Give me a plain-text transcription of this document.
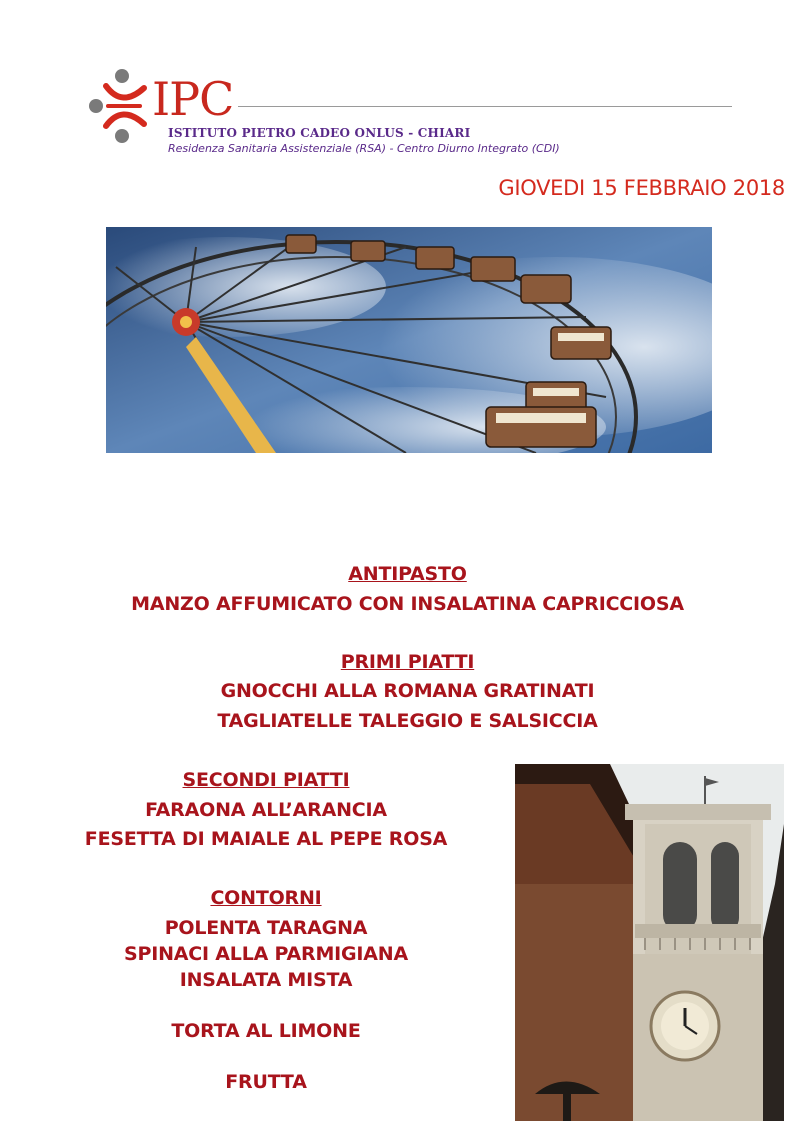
IPC
ISTITUTO PIETRO CADEO ONLUS - CHIARI
Residenza Sanitaria Assistenziale (RSA) - Centro Diurno Integrato (CDI)
GIOVEDI 15 FEBBRAIO 2018
ANTIPASTO
MANZO AFFUMICATO CON INSALATINA CAPRICCIOSA
PRIMI PIATTI
GNOCCHI ALLA ROMANA GRATINATI
TAGLIATELLE TALEGGIO E SALSICCIA
SECONDI PIATTI
FARAONA ALL’ARANCIA
FESETTA DI MAIALE AL PEPE ROSA
CONTORNI
POLENTA TARAGNA
SPINACI ALLA PARMIGIANA
INSALATA MISTA
TORTA AL LIMONE
FRUTTA
